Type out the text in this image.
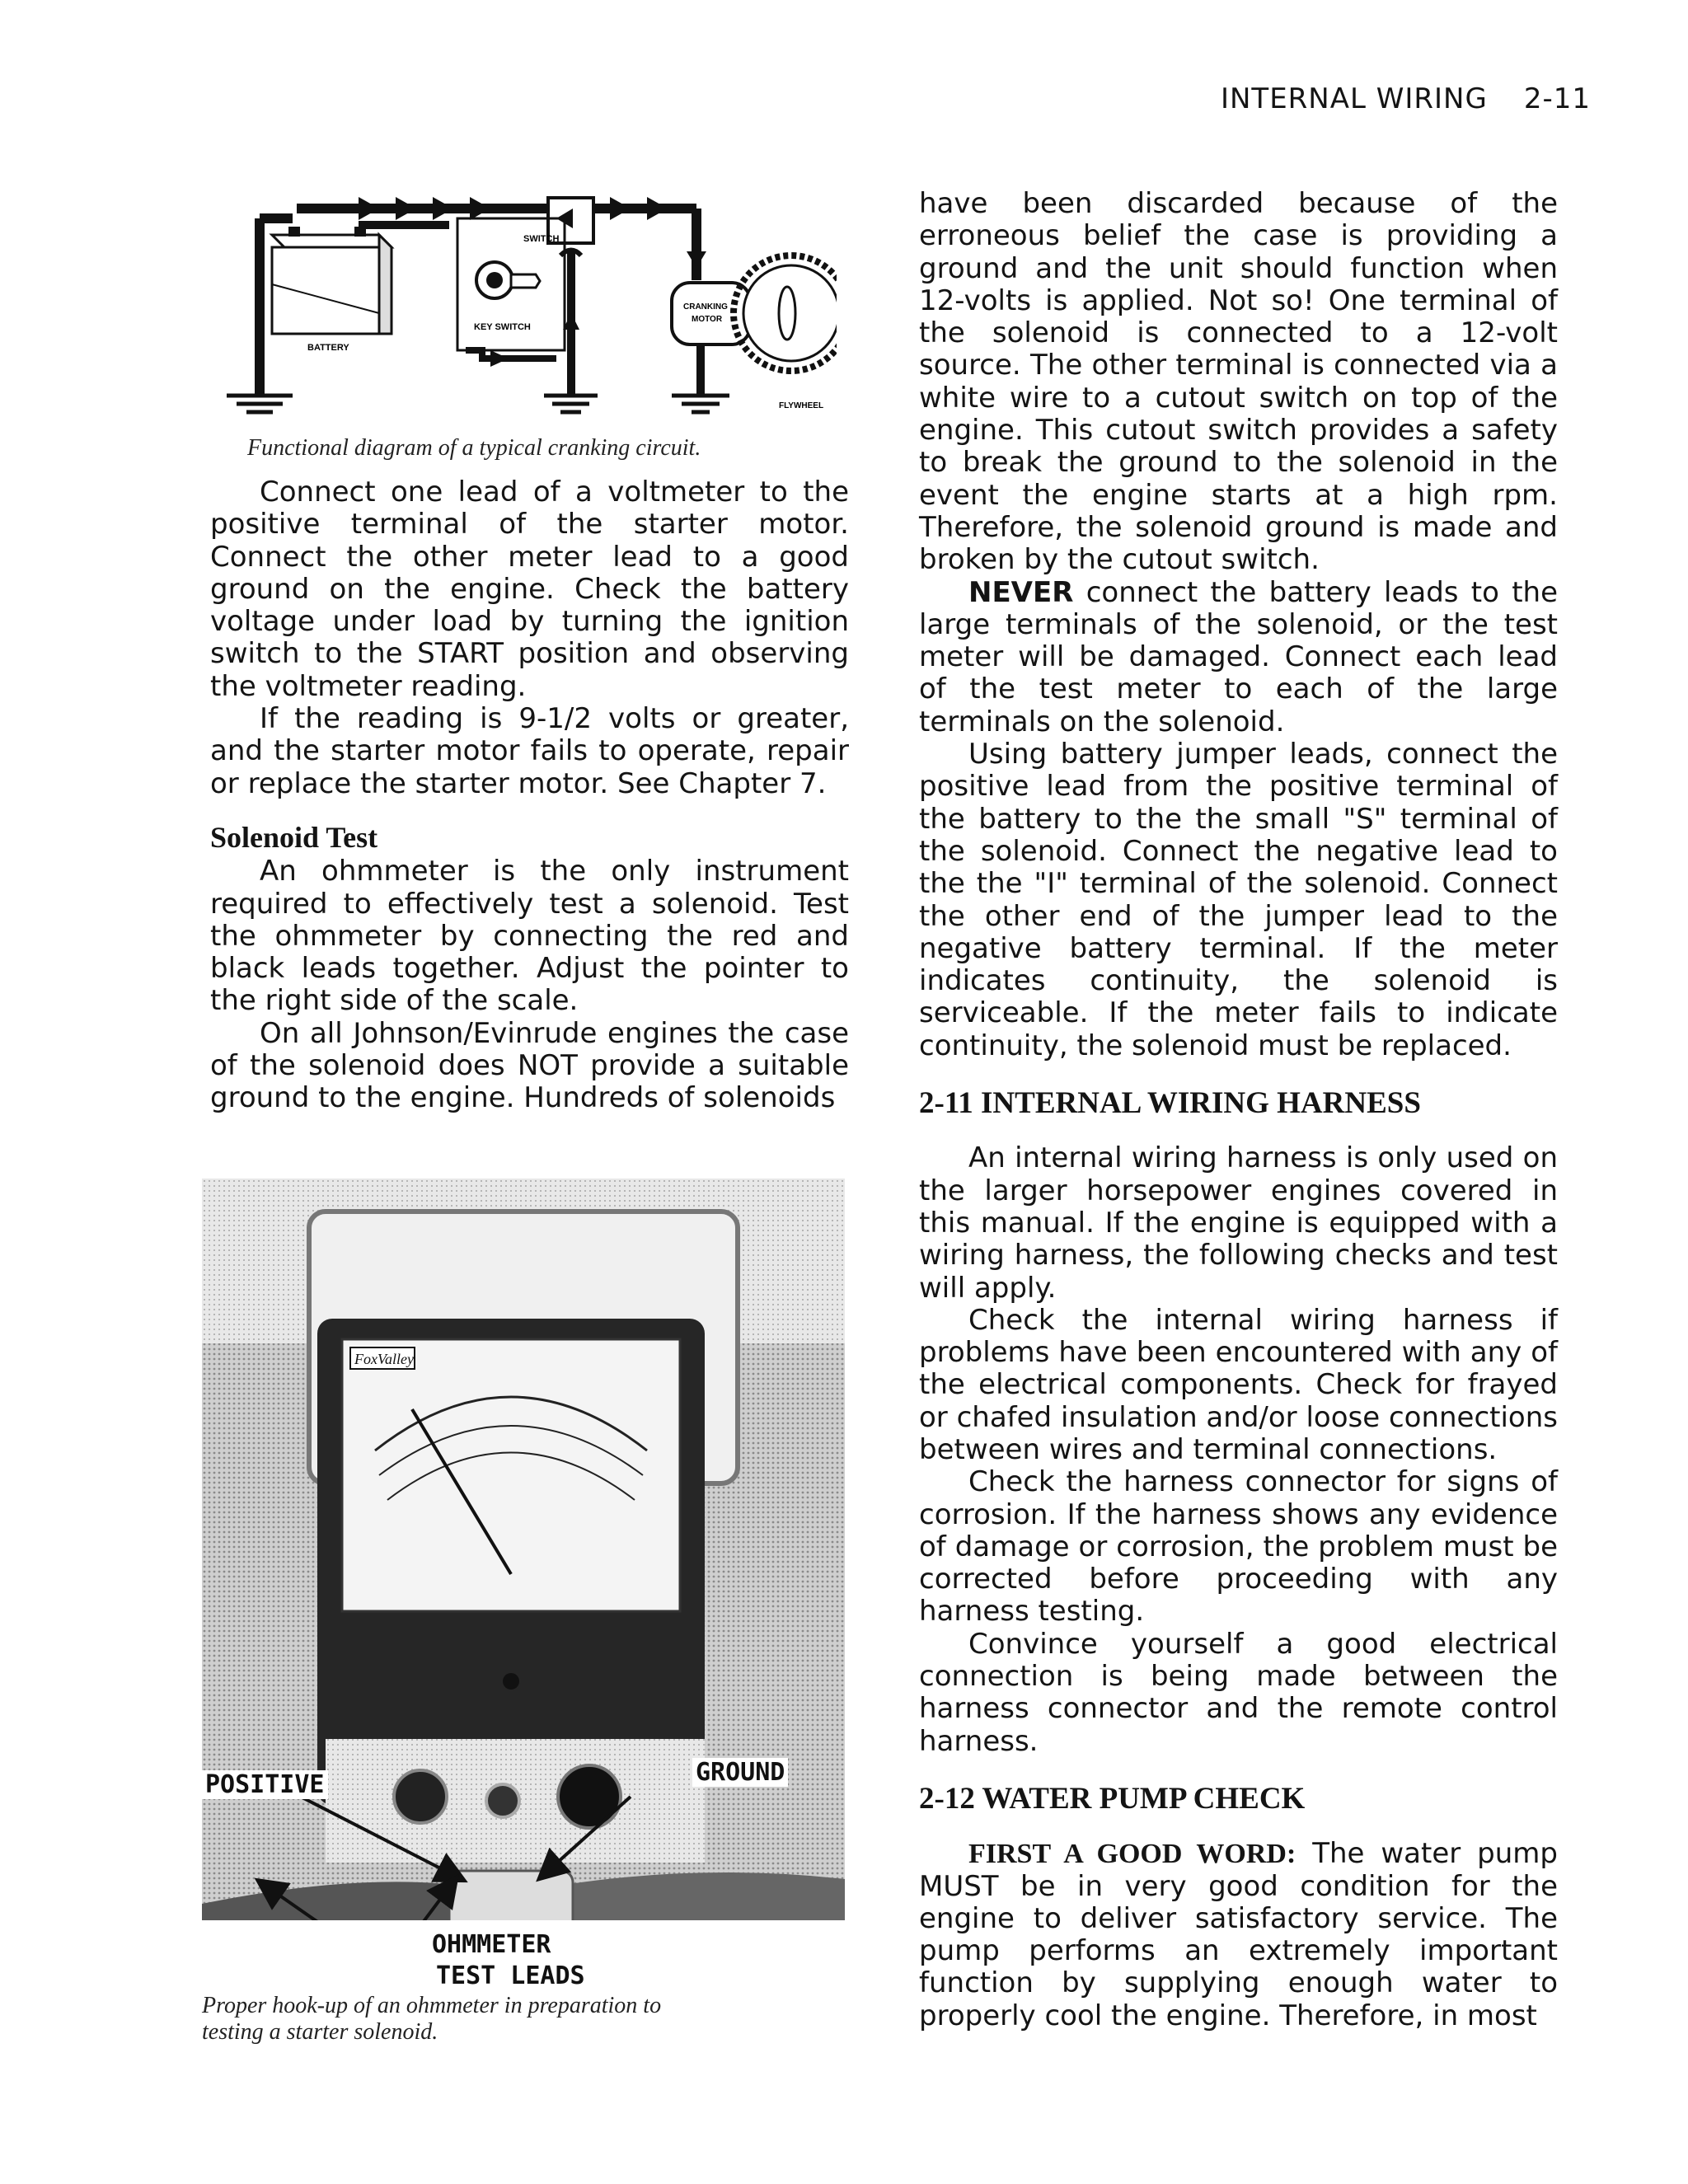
INTERNAL WIRING 2-11
BATTERY
SWITCH
KEY SWITCH
CRANKING
MOTOR
FLYWHEEL
Functional diagram of a typical cranking circuit.

Connect one lead of a voltmeter to the positive terminal of the starter motor. Connect the other meter lead to a good ground on the engine. Check the battery voltage under load by turning the ignition switch to the START position and observing the voltmeter reading.

If the reading is 9-1/2 volts or greater, and the starter motor fails to operate, repair or replace the starter motor. See Chapter 7.

Solenoid Test

An ohmmeter is the only instrument required to effectively test a solenoid. Test the ohmmeter by connecting the red and black leads together. Adjust the pointer to the right side of the scale.

On all Johnson/Evinrude engines the case of the solenoid does NOT provide a suitable ground to the engine. Hundreds of solenoids

FoxValley
POSITIVE	GROUND
OHMMETER
TEST LEADS
Proper hook-up of an ohmmeter in preparation to
testing a starter solenoid.

have been discarded because of the erroneous belief the case is providing a ground and the unit should function when 12-volts is applied. Not so! One terminal of the solenoid is connected to a 12-volt source. The other terminal is connected via a white wire to a cutout switch on top of the engine. This cutout switch provides a safety to break the ground to the solenoid in the event the engine starts at a high rpm. Therefore, the solenoid ground is made and broken by the cutout switch.

NEVER connect the battery leads to the large terminals of the solenoid, or the test meter will be damaged. Connect each lead of the test meter to each of the large terminals on the solenoid.

Using battery jumper leads, connect the positive lead from the positive terminal of the battery to the the small "S" terminal of the solenoid. Connect the negative lead to the the "I" terminal of the solenoid. Connect the other end of the jumper lead to the negative battery terminal. If the meter indicates continuity, the solenoid is serviceable. If the meter fails to indicate continuity, the solenoid must be replaced.

2-11 INTERNAL WIRING HARNESS

An internal wiring harness is only used on the larger horsepower engines covered in this manual. If the engine is equipped with a wiring harness, the following checks and test will apply.

Check the internal wiring harness if problems have been encountered with any of the electrical components. Check for frayed or chafed insulation and/or loose connections between wires and terminal connections.

Check the harness connector for signs of corrosion. If the harness shows any evidence of damage or corrosion, the problem must be corrected before proceeding with any harness testing.

Convince yourself a good electrical connection is being made between the harness connector and the remote control harness.

2-12 WATER PUMP CHECK

FIRST A GOOD WORD: The water pump MUST be in very good condition for the engine to deliver satisfactory service. The pump performs an extremely important function by supplying enough water to properly cool the engine. Therefore, in most
